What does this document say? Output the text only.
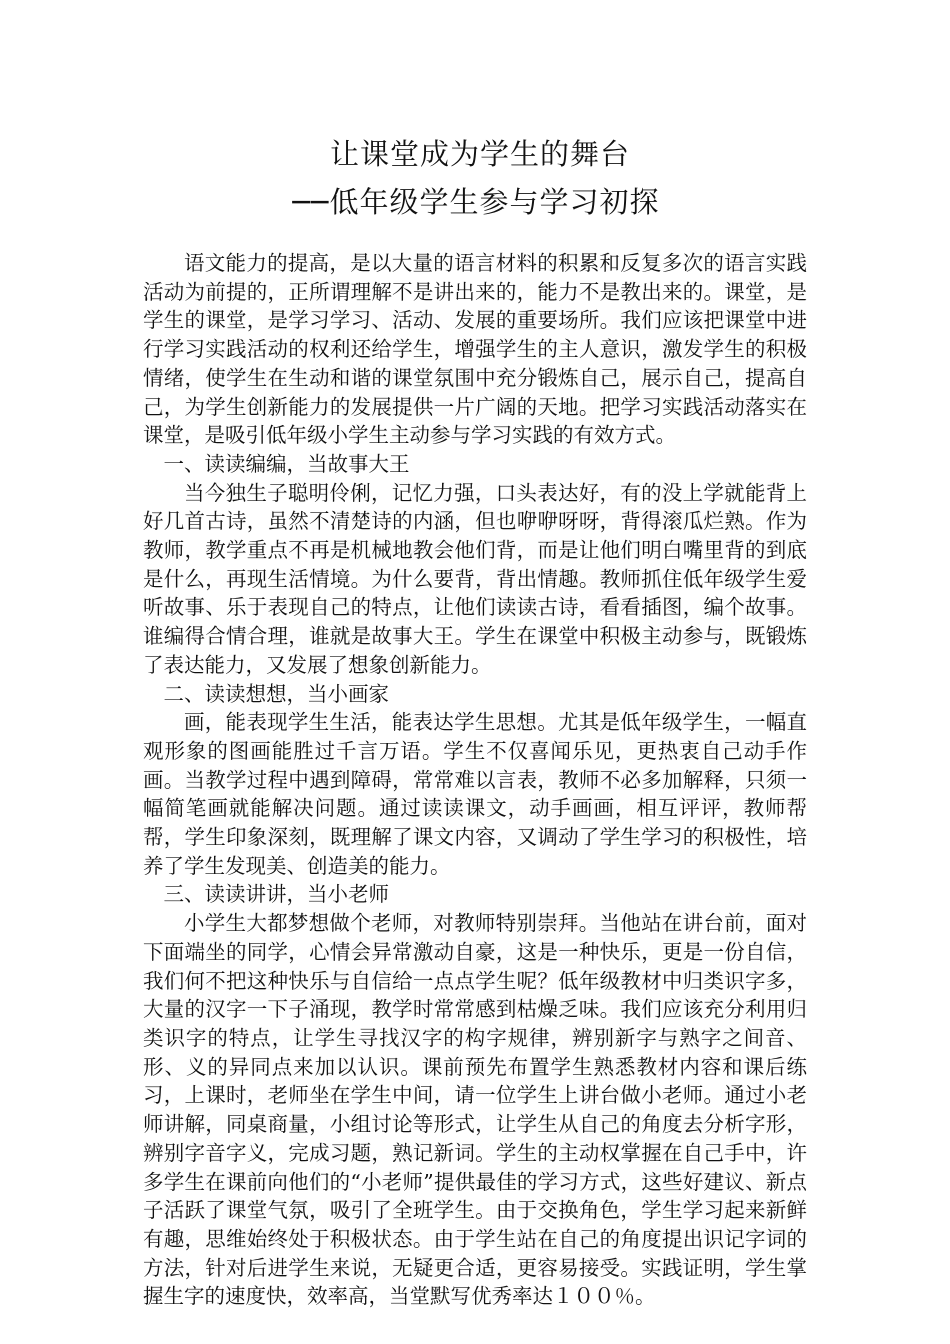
让课堂成为学生的舞台
──低年级学生参与学习初探

语文能力的提高，是以大量的语言材料的积累和反复多次的语言实践活动为前提的，正所谓理解不是讲出来的，能力不是教出来的。课堂，是学生的课堂，是学习学习、活动、发展的重要场所。我们应该把课堂中进行学习实践活动的权利还给学生，增强学生的主人意识，激发学生的积极情绪，使学生在生动和谐的课堂氛围中充分锻炼自己，展示自己，提高自己，为学生创新能力的发展提供一片广阔的天地。把学习实践活动落实在课堂，是吸引低年级小学生主动参与学习实践的有效方式。

一、读读编编，当故事大王

当今独生子聪明伶俐，记忆力强，口头表达好，有的没上学就能背上好几首古诗，虽然不清楚诗的内涵，但也咿咿呀呀，背得滚瓜烂熟。作为教师，教学重点不再是机械地教会他们背，而是让他们明白嘴里背的到底是什么，再现生活情境。为什么要背，背出情趣。教师抓住低年级学生爱听故事、乐于表现自己的特点，让他们读读古诗，看看插图，编个故事。谁编得合情合理，谁就是故事大王。学生在课堂中积极主动参与，既锻炼了表达能力，又发展了想象创新能力。

二、读读想想，当小画家

画，能表现学生生活，能表达学生思想。尤其是低年级学生，一幅直观形象的图画能胜过千言万语。学生不仅喜闻乐见，更热衷自己动手作画。当教学过程中遇到障碍，常常难以言表，教师不必多加解释，只须一幅简笔画就能解决问题。通过读读课文，动手画画，相互评评，教师帮帮，学生印象深刻，既理解了课文内容，又调动了学生学习的积极性，培养了学生发现美、创造美的能力。

三、读读讲讲，当小老师

小学生大都梦想做个老师，对教师特别崇拜。当他站在讲台前，面对下面端坐的同学，心情会异常激动自豪，这是一种快乐，更是一份自信，我们何不把这种快乐与自信给一点点学生呢？低年级教材中归类识字多，大量的汉字一下子涌现，教学时常常感到枯燥乏味。我们应该充分利用归类识字的特点，让学生寻找汉字的构字规律，辨别新字与熟字之间音、形、义的异同点来加以认识。课前预先布置学生熟悉教材内容和课后练习，上课时，老师坐在学生中间，请一位学生上讲台做小老师。通过小老师讲解，同桌商量，小组讨论等形式，让学生从自己的角度去分析字形，辨别字音字义，完成习题，熟记新词。学生的主动权掌握在自己手中，许多学生在课前向他们的“小老师”提供最佳的学习方式，这些好建议、新点子活跃了课堂气氛，吸引了全班学生。由于交换角色，学生学习起来新鲜有趣，思维始终处于积极状态。由于学生站在自己的角度提出识记字词的方法，针对后进学生来说，无疑更合适，更容易接受。实践证明，学生掌握生字的速度快，效率高，当堂默写优秀率达１００％。
